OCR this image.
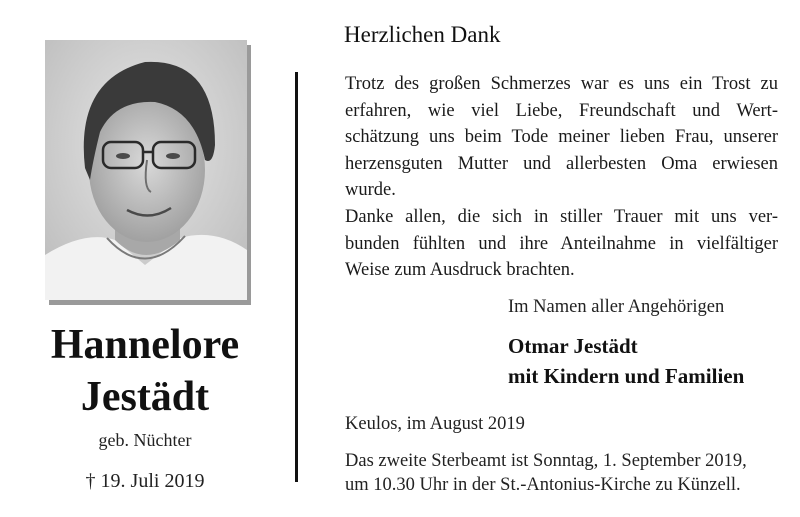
Hannelore
Jestädt
geb. Nüchter
† 19. Juli 2019
Herzlichen Dank
Trotz des großen Schmerzes war es uns ein Trost zu
erfahren, wie viel Liebe, Freundschaft und Wert-
schätzung uns beim Tode meiner lieben Frau, unserer
herzensguten Mutter und allerbesten Oma erwiesen
wurde.
Danke allen, die sich in stiller Trauer mit uns ver-
bunden fühlten und ihre Anteilnahme in vielfältiger
Weise zum Ausdruck brachten.
Im Namen aller Angehörigen
Otmar Jestädt
mit Kindern und Familien
Keulos, im August 2019
Das zweite Sterbeamt ist Sonntag, 1. September 2019,
um 10.30 Uhr in der St.-Antonius-Kirche zu Künzell.
